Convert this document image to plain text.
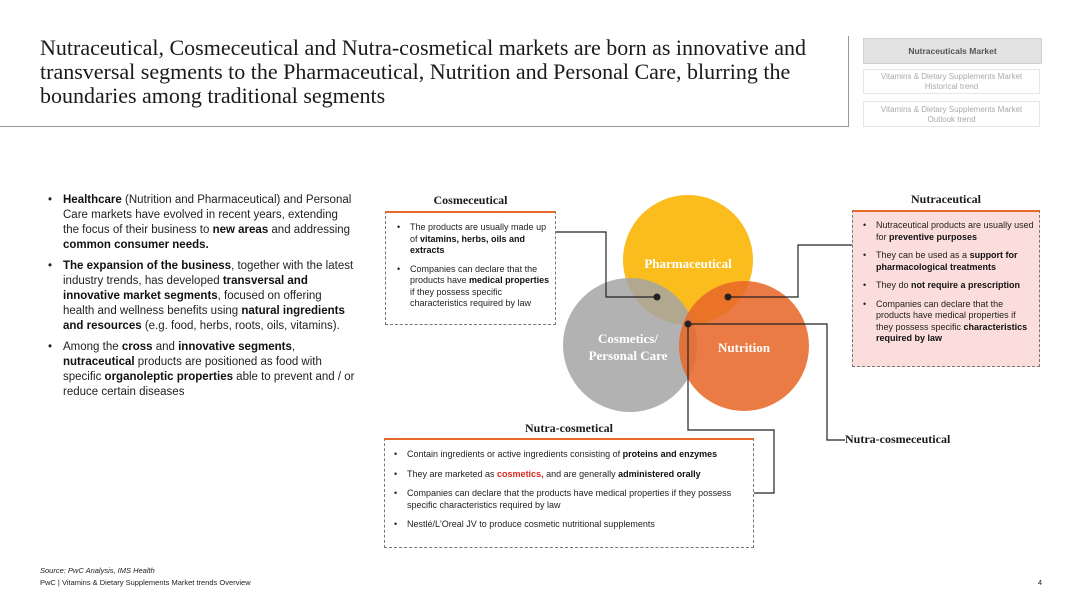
Nutraceutical, Cosmeceutical and Nutra-cosmetical markets are born as innovative and transversal segments to the Pharmaceutical, Nutrition and Personal Care, blurring the boundaries among traditional segments
Nutraceuticals Market
Vitamins & Dietary Supplements Market
Historical trend
Vitamins & Dietary Supplements Market
Outlook trend
• Healthcare (Nutrition and Pharmaceutical) and Personal Care markets have evolved in recent years, extending the focus of their business to new areas and addressing common consumer needs.
• The expansion of the business, together with the latest industry trends, has developed transversal and innovative market segments, focused on offering health and wellness benefits using natural ingredients and resources (e.g. food, herbs, roots, oils, vitamins).
• Among the cross and innovative segments, nutraceutical products are positioned as food with specific organoleptic properties able to prevent and / or reduce certain diseases
Pharmaceutical
Cosmetics/
Personal Care
Nutrition
Cosmeceutical
• The products are usually made up of vitamins, herbs, oils and extracts
• Companies can declare that the products have medical properties if they possess specific characteristics required by law
Nutraceutical
• Nutraceutical products are usually used for preventive purposes
• They can be used as a support for pharmacological treatments
• They do not require a prescription
• Companies can declare that the products have medical properties if they possess specific characteristics required by law
Nutra-cosmetical
• Contain ingredients or active ingredients consisting of proteins and enzymes
• They are marketed as cosmetics, and are generally administered orally
• Companies can declare that the products have medical properties if they possess specific characteristics required by law
• Nestlé/L'Oreal JV to produce cosmetic nutritional supplements
Nutra-cosmeceutical
Source: PwC Analysis, IMS Health
PwC | Vitamins & Dietary Supplements Market trends Overview	4
